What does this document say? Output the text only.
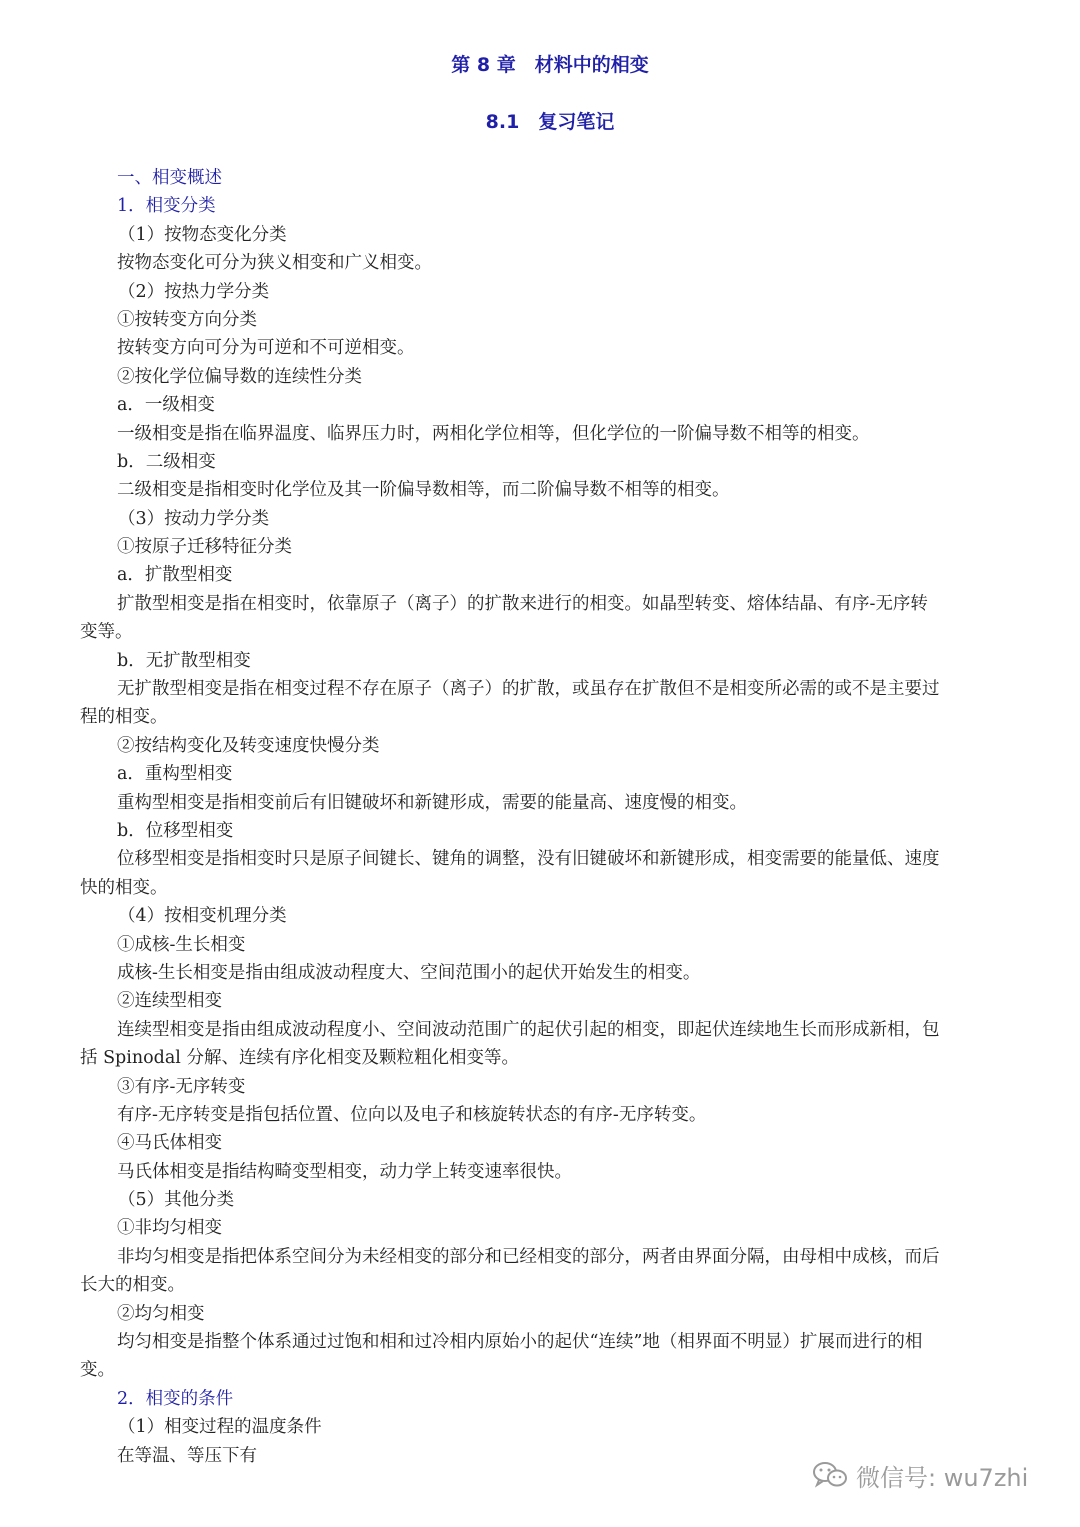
第 8 章　材料中的相变
8.1　复习笔记
一、相变概述
1．相变分类
（1）按物态变化分类
按物态变化可分为狭义相变和广义相变。
（2）按热力学分类
①按转变方向分类
按转变方向可分为可逆和不可逆相变。
②按化学位偏导数的连续性分类
a．一级相变
一级相变是指在临界温度、临界压力时，两相化学位相等，但化学位的一阶偏导数不相等的相变。
b．二级相变
二级相变是指相变时化学位及其一阶偏导数相等，而二阶偏导数不相等的相变。
（3）按动力学分类
①按原子迁移特征分类
a．扩散型相变
扩散型相变是指在相变时，依靠原子（离子）的扩散来进行的相变。如晶型转变、熔体结晶、有序-无序转
变等。
b．无扩散型相变
无扩散型相变是指在相变过程不存在原子（离子）的扩散，或虽存在扩散但不是相变所必需的或不是主要过
程的相变。
②按结构变化及转变速度快慢分类
a．重构型相变
重构型相变是指相变前后有旧键破坏和新键形成，需要的能量高、速度慢的相变。
b．位移型相变
位移型相变是指相变时只是原子间键长、键角的调整，没有旧键破坏和新键形成，相变需要的能量低、速度
快的相变。
（4）按相变机理分类
①成核-生长相变
成核-生长相变是指由组成波动程度大、空间范围小的起伏开始发生的相变。
②连续型相变
连续型相变是指由组成波动程度小、空间波动范围广的起伏引起的相变，即起伏连续地生长而形成新相，包
括 Spinodal 分解、连续有序化相变及颗粒粗化相变等。
③有序-无序转变
有序-无序转变是指包括位置、位向以及电子和核旋转状态的有序-无序转变。
④马氏体相变
马氏体相变是指结构畸变型相变，动力学上转变速率很快。
（5）其他分类
①非均匀相变
非均匀相变是指把体系空间分为未经相变的部分和已经相变的部分，两者由界面分隔，由母相中成核，而后
长大的相变。
②均匀相变
均匀相变是指整个体系通过过饱和相和过冷相内原始小的起伏“连续”地（相界面不明显）扩展而进行的相
变。
2．相变的条件
（1）相变过程的温度条件
在等温、等压下有
微信号: wu7zhi
